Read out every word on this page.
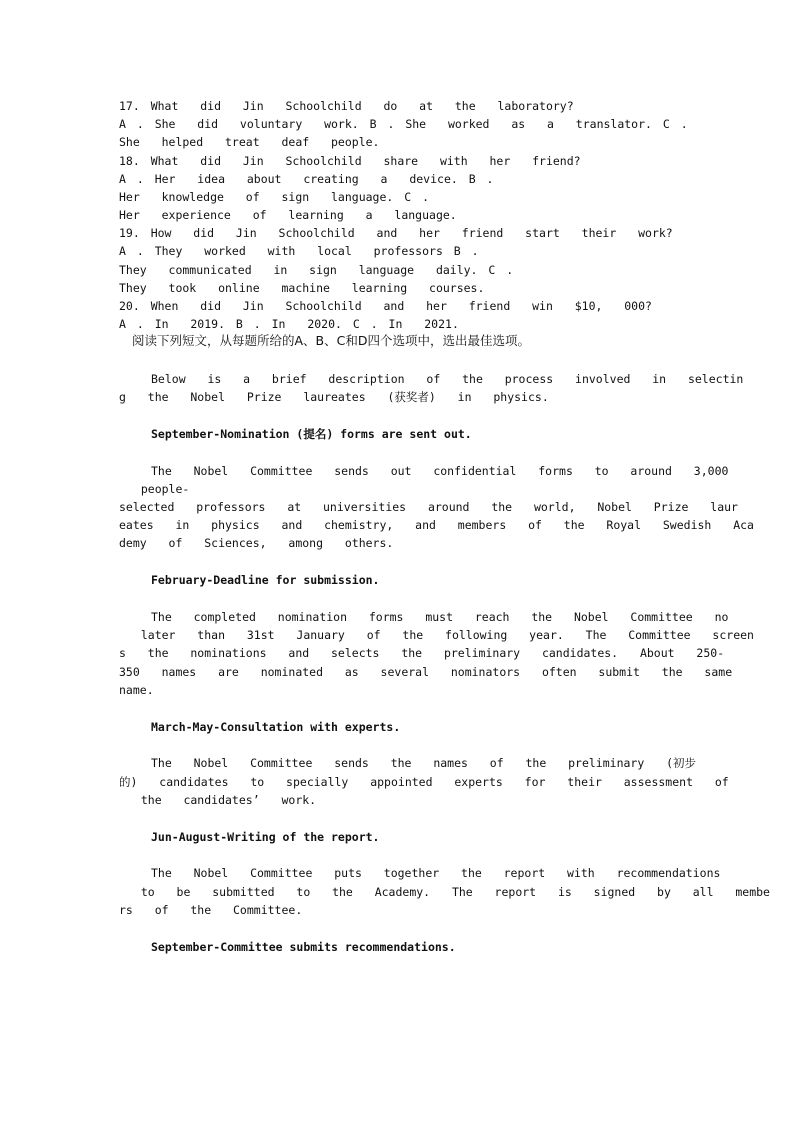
17. What  did  Jin  Schoolchild  do  at  the  laboratory?
A . She  did  voluntary  work. B . She  worked  as  a  translator. C .
She  helped  treat  deaf  people.
18. What  did  Jin  Schoolchild  share  with  her  friend?
A . Her  idea  about  creating  a  device. B .
Her  knowledge  of  sign  language. C .
Her  experience  of  learning  a  language.
19. How  did  Jin  Schoolchild  and  her  friend  start  their  work?
A . They  worked  with  local  professors B .
They  communicated  in  sign  language  daily. C .
They  took  online  machine  learning  courses.
20. When  did  Jin  Schoolchild  and  her  friend  win  $10,  000?
A . In  2019. B . In  2020. C . In  2021.
阅读下列短文，从每题所给的A、B、C和D四个选项中，选出最佳选项。
Below  is  a  brief  description  of  the  process  involved  in  selectin
g  the  Nobel  Prize  laureates  (获奖者)  in  physics.
September-Nomination (提名) forms are sent out.
The  Nobel  Committee  sends  out  confidential  forms  to  around  3,000
people-
selected  professors  at  universities  around  the  world,  Nobel  Prize  laur
eates  in  physics  and  chemistry,  and  members  of  the  Royal  Swedish  Aca
demy  of  Sciences,  among  others.
February-Deadline for submission.
The  completed  nomination  forms  must  reach  the  Nobel  Committee  no
later  than  31st  January  of  the  following  year.  The  Committee  screen
s  the  nominations  and  selects  the  preliminary  candidates.  About  250-
350  names  are  nominated  as  several  nominators  often  submit  the  same
name.
March-May-Consultation with experts.
The  Nobel  Committee  sends  the  names  of  the  preliminary  (初步
的)  candidates  to  specially  appointed  experts  for  their  assessment  of
the  candidates’  work.
Jun-August-Writing of the report.
The  Nobel  Committee  puts  together  the  report  with  recommendations
to  be  submitted  to  the  Academy.  The  report  is  signed  by  all  membe
rs  of  the  Committee.
September-Committee submits recommendations.
